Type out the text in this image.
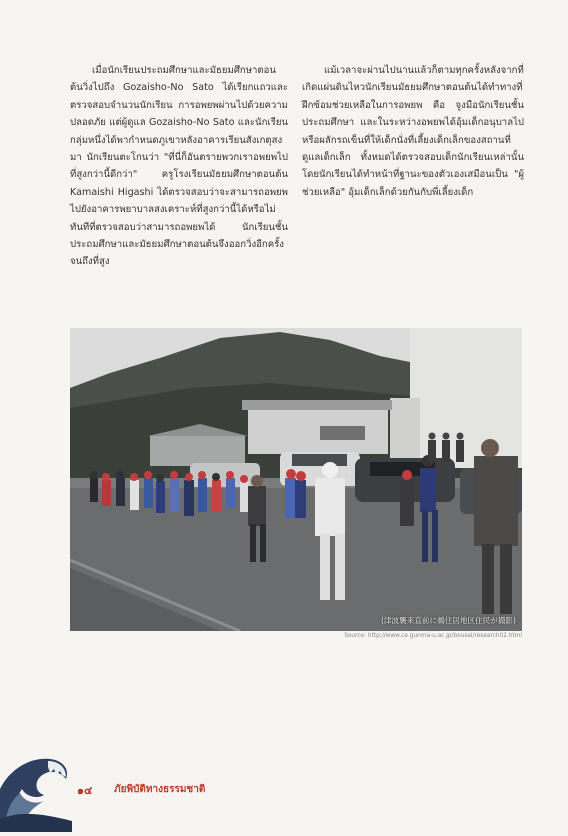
เมื่อนักเรียนประถมศึกษาและมัธยมศึกษาตอนต้นวิ่งไปถึง Gozaisho-No Sato ได้เรียกแถวและตรวจสอบจำนวนนักเรียน การอพยพผ่านไปด้วยความปลอดภัย แต่ผู้ดูแล Gozaisho-No Sato และนักเรียนกลุ่มหนึ่งได้พากำหนดภูเขาหลังอาคารเรียนสังเกตุสงมา นักเรียนตะโกนว่า "ที่นี่ก็อันตรายพวกเราอพยพไปที่สูงกว่านี้ดีกว่า" ครูโรงเรียนมัธยมศึกษาตอนต้น Kamaishi Higashi ได้ตรวจสอบว่าจะสามารถอพยพไปยังอาคารพยาบาลสงเคราะห์ที่สูงกว่านี้ได้หรือไม่ ทันทีที่ตรวจสอบว่าสามารถอพยพได้ นักเรียนชั้นประถมศึกษาและมัธยมศึกษาตอนต้นจึงออกวิ่งอีกครั้งจนถึงที่สูง

แม้เวลาจะผ่านไปนานแล้วก็ตามทุกครั้งหลังจากที่เกิดแผ่นดินไหวนักเรียนมัธยมศึกษาตอนต้นได้ทำทางที่ฝึกซ้อมช่วยเหลือในการอพยพ คือ จูงมือนักเรียนชั้นประถมศึกษา และในระหว่างอพยพได้อุ้มเด็กอนุบาลไปหรือผลักรถเข็นที่ให้เด็กนั่งที่เลี้ยงเด็กเล็กของสถานที่ดูแลเด็กเล็ก ทั้งหมดได้ตรวจสอบเด็กนักเรียนเหล่านั้น โดยนักเรียนได้ทำหน้าที่ฐานะของตัวเองเสมือนเป็น "ผู้ช่วยเหลือ" อุ้มเด็กเล็กด้วยกันกับพี่เลี้ยงเด็ก

(津波襲来直前に鵜住居地区住民が撮影)
Source: http://www.ce.gunma-u.ac.jp/bousai/research02.html
๑๔ ภัยพิบัติทางธรรมชาติ
